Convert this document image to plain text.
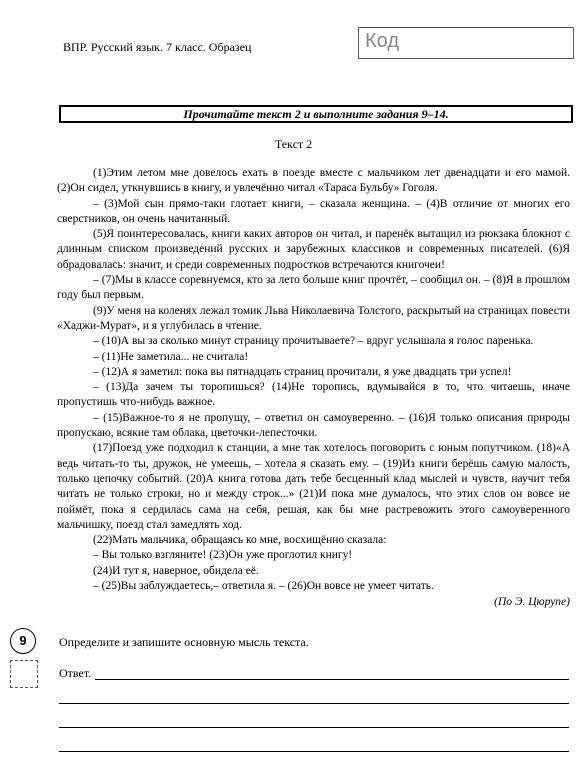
ВПР. Русский язык. 7 класс. Образец	Код
Прочитайте текст 2 и выполните задания 9–14.
Текст 2

(1)Этим летом мне довелось ехать в поезде вместе с мальчиком лет двенадцати и его мамой. (2)Он сидел, уткнувшись в книгу, и увлечённо читал «Тараса Бульбу» Гоголя.

– (3)Мой сын прямо-таки глотает книги, – сказала женщина. – (4)В отличие от многих его сверстников, он очень начитанный.

(5)Я поинтересовалась, книги каких авторов он читал, и паренёк вытащил из рюкзака блокнот с длинным списком произведений русских и зарубежных классиков и современных писателей. (6)Я обрадовалась: значит, и среди современных подростков встречаются книгочеи!

– (7)Мы в классе соревнуемся, кто за лето больше книг прочтёт, – сообщил он. – (8)Я в прошлом году был первым.

(9)У меня на коленях лежал томик Льва Николаевича Толстого, раскрытый на страницах повести «Хаджи-Мурат», и я углубилась в чтение.

– (10)А вы за сколько минут страницу прочитываете? – вдруг услышала я голос паренька.

– (11)Не заметила... не считала!

– (12)А я заметил: пока вы пятнадцать страниц прочитали, я уже двадцать три успел!

– (13)Да зачем ты торопишься? (14)Не торопись, вдумывайся в то, что читаешь, иначе пропустишь что-нибудь важное.

– (15)Важное-то я не пропущу, – ответил он самоуверенно. – (16)Я только описания природы пропускаю, всякие там облака, цветочки-лепесточки.

(17)Поезд уже подходил к станции, а мне так хотелось поговорить с юным попутчиком. (18)«А ведь читать-то ты, дружок, не умеешь, – хотела я сказать ему. – (19)Из книги берёшь самую малость, только цепочку событий. (20)А книга готова дать тебе бесценный клад мыслей и чувств, научит тебя читать не только строки, но и между строк...» (21)И пока мне думалось, что этих слов он вовсе не поймёт, пока я сердилась сама на себя, решая, как бы мне растревожить этого самоуверенного мальчишку, поезд стал замедлять ход.

(22)Мать мальчика, обращаясь ко мне, восхищённо сказала:

– Вы только взгляните! (23)Он уже проглотил книгу!

(24)И тут я, наверное, обидела её.

– (25)Вы заблуждаетесь,– ответила я. – (26)Он вовсе не умеет читать.

(По Э. Цюрупе)
9	Определите и запишите основную мысль текста.
Ответ.
